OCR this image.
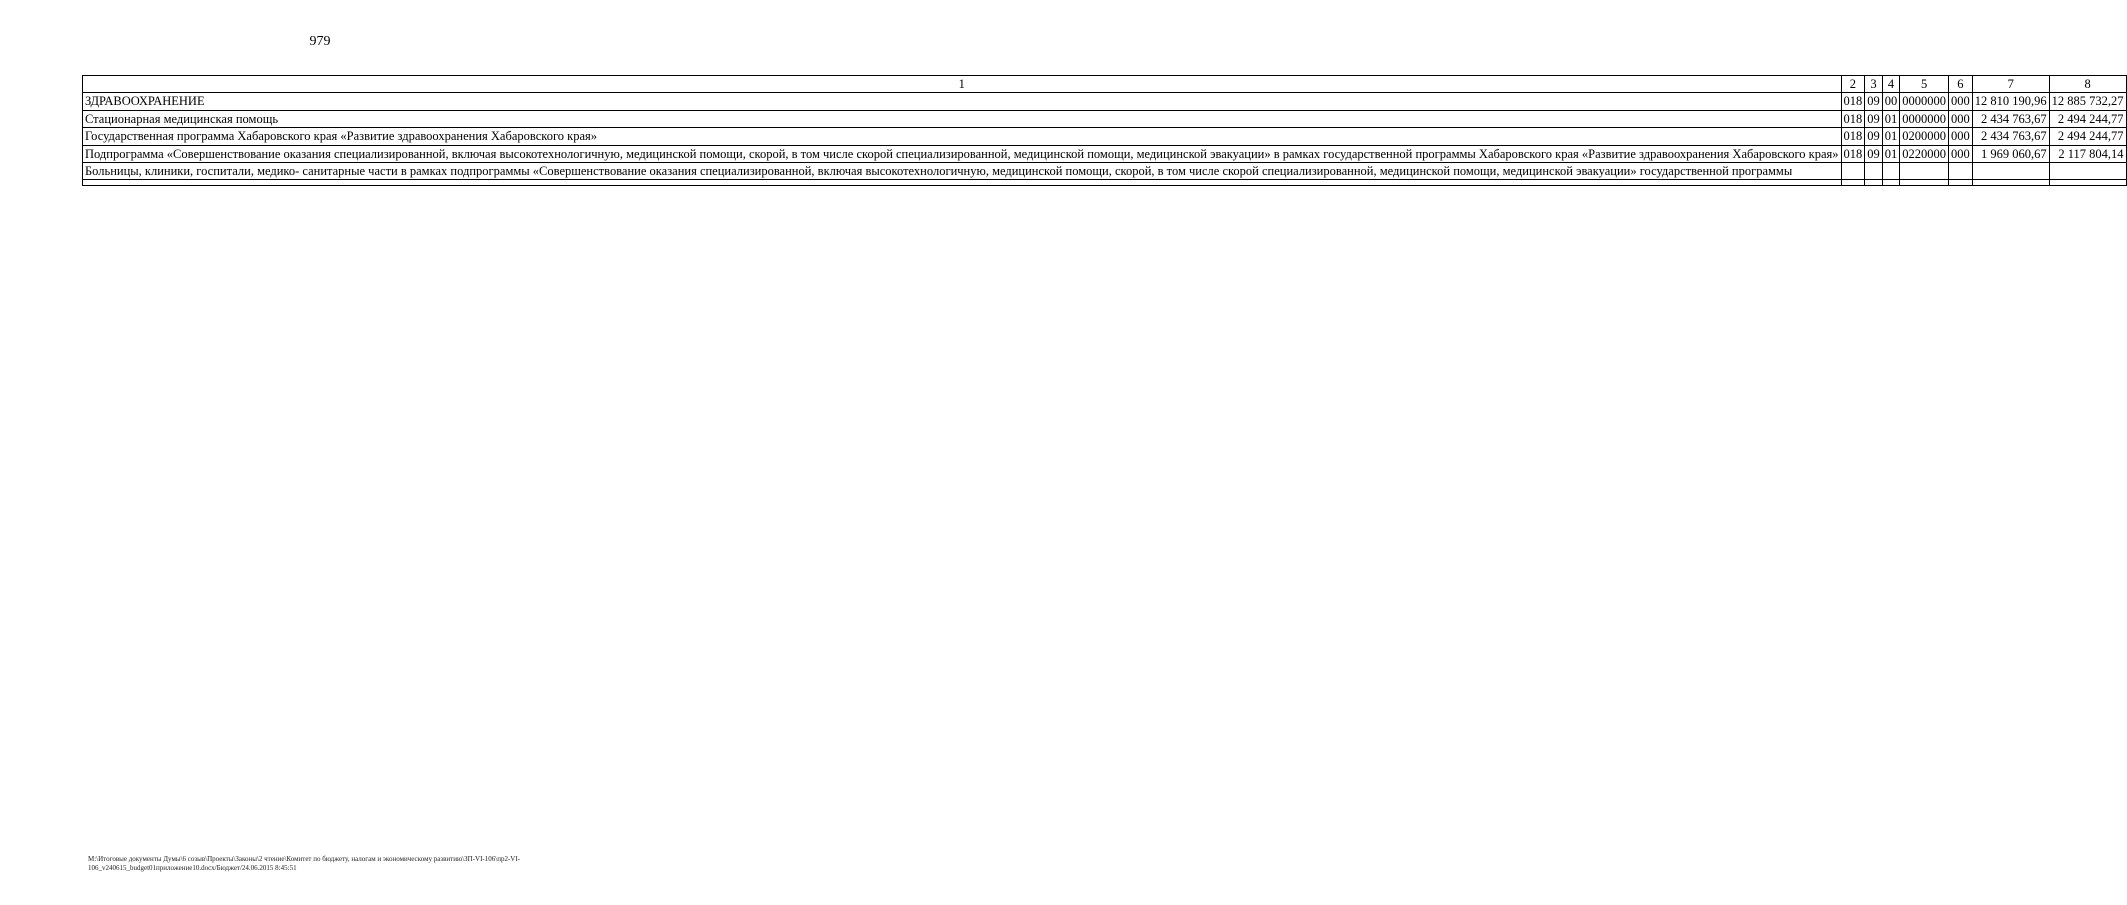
979
1	2	3	4	5	6	7	8
ЗДРАВООХРАНЕНИЕ	018	09	00	0000000	000	12 810 190,96	12 885 732,27
Стационарная медицинская помощь	018	09	01	0000000	000	2 434 763,67	2 494 244,77
Государственная программа Хабаровского края «Развитие здравоохранения Хабаровского края»	018	09	01	0200000	000	2 434 763,67	2 494 244,77
Подпрограмма «Совершенствование оказания специализированной, включая высокотехнологичную, медицинской помощи, скорой, в том числе скорой специализированной, медицинской помощи, медицинской эвакуации» в рамках государственной программы Хабаровского края «Развитие здравоохранения Хабаровского края»	018	09	01	0220000	000	1 969 060,67	2 117 804,14
Больницы, клиники, госпитали, медико- санитарные части в рамках подпрограммы «Совершенствование оказания специализированной, включая высокотехнологичную, медицинской помощи, скорой, в том числе скорой специализированной, медицинской помощи, медицинской эвакуации» государственной программы							

M:\Итоговые документы Думы\6 созыв\Проекты\Законы\2 чтение\Комитет по бюджету, налогам и экономическому развитию\ЗП-VI-106\пр2-VI-106_v240615_budget01приложение10.docx/Бюджет/24.06.2015 8:45:51
